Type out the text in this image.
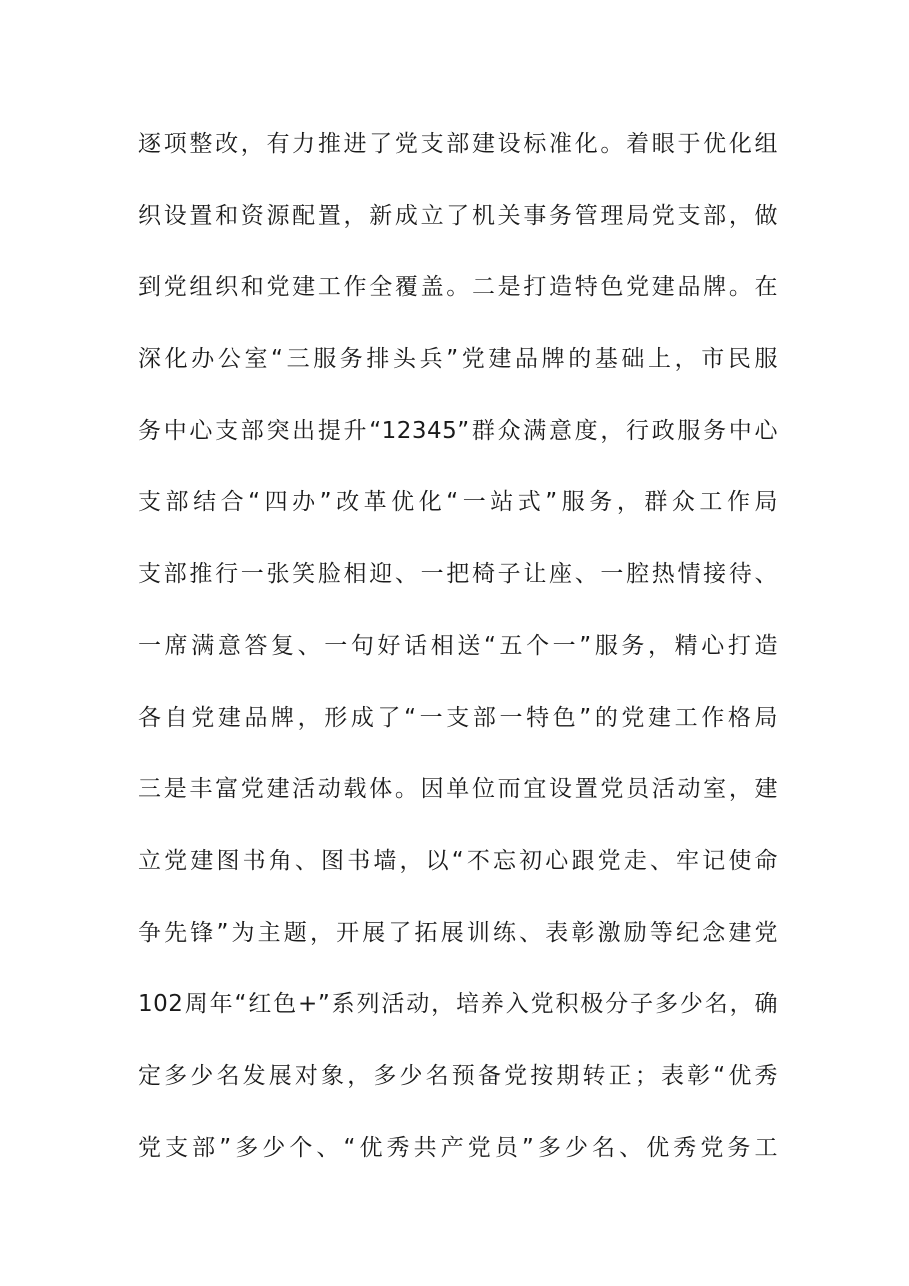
逐项整改，有力推进了党支部建设标准化。着眼于优化组
织设置和资源配置，新成立了机关事务管理局党支部，做
到党组织和党建工作全覆盖。二是打造特色党建品牌。在
深化办公室“三服务排头兵”党建品牌的基础上，市民服
务中心支部突出提升“12345”群众满意度，行政服务中心
支部结合“四办”改革优化“一站式”服务，群众工作局
支部推行一张笑脸相迎、一把椅子让座、一腔热情接待、
一席满意答复、一句好话相送“五个一”服务，精心打造
各自党建品牌，形成了“一支部一特色”的党建工作格局
三是丰富党建活动载体。因单位而宜设置党员活动室，建
立党建图书角、图书墙，以“不忘初心跟党走、牢记使命
争先锋”为主题，开展了拓展训练、表彰激励等纪念建党
102周年“红色+”系列活动，培养入党积极分子多少名，确
定多少名发展对象，多少名预备党按期转正；表彰“优秀
党支部”多少个、“优秀共产党员”多少名、优秀党务工
